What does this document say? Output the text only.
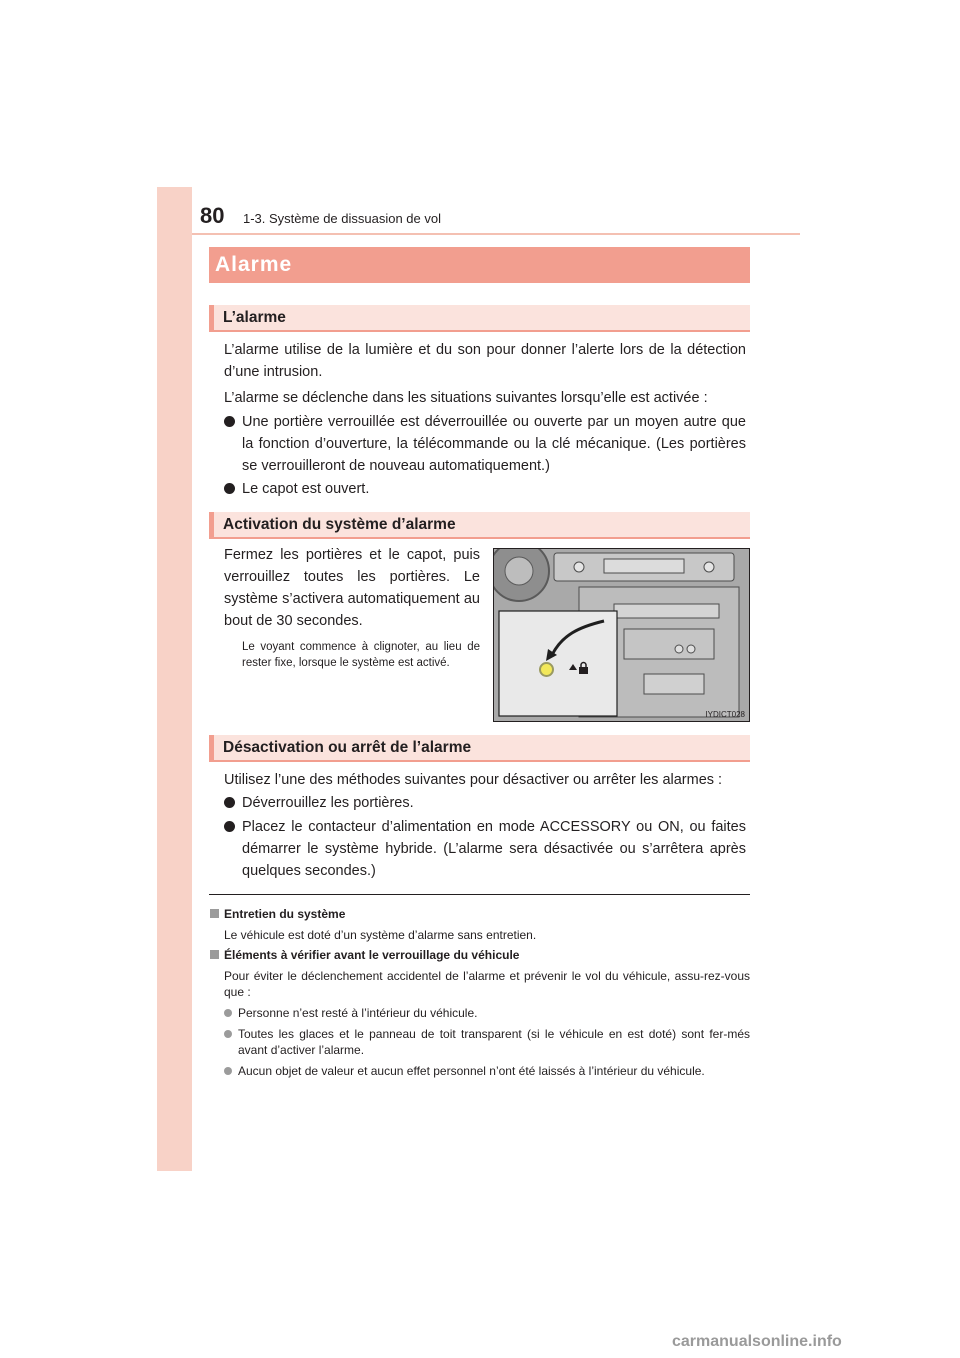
80 1-3. Système de dissuasion de vol
Alarme
L’alarme

L’alarme utilise de la lumière et du son pour donner l’alerte lors de la détection d’une intrusion.

L’alarme se déclenche dans les situations suivantes lorsqu’elle est activée :

Une portière verrouillée est déverrouillée ou ouverte par un moyen autre que la fonction d’ouverture, la télécommande ou la clé mécanique. (Les portières se verrouilleront de nouveau automatiquement.)
Le capot est ouvert.
Activation du système d’alarme

Fermez les portières et le capot, puis verrouillez toutes les portières. Le système s’activera automatiquement au bout de 30 secondes.

Le voyant commence à clignoter, au lieu de rester fixe, lorsque le système est activé.

IYDICT028
Désactivation ou arrêt de l’alarme

Utilisez l’une des méthodes suivantes pour désactiver ou arrêter les alarmes :

Déverrouillez les portières.
Placez le contacteur d’alimentation en mode ACCESSORY ou ON, ou faites démarrer le système hybride. (L’alarme sera désactivée ou s’arrêtera après quelques secondes.)
Entretien du système

Le véhicule est doté d’un système d’alarme sans entretien.

Éléments à vérifier avant le verrouillage du véhicule

Pour éviter le déclenchement accidentel de l’alarme et prévenir le vol du véhicule, assu-rez-vous que :

Personne n’est resté à l’intérieur du véhicule.
Toutes les glaces et le panneau de toit transparent (si le véhicule en est doté) sont fer-més avant d’activer l’alarme.
Aucun objet de valeur et aucun effet personnel n’ont été laissés à l’intérieur du véhicule.
carmanualsonline.info
